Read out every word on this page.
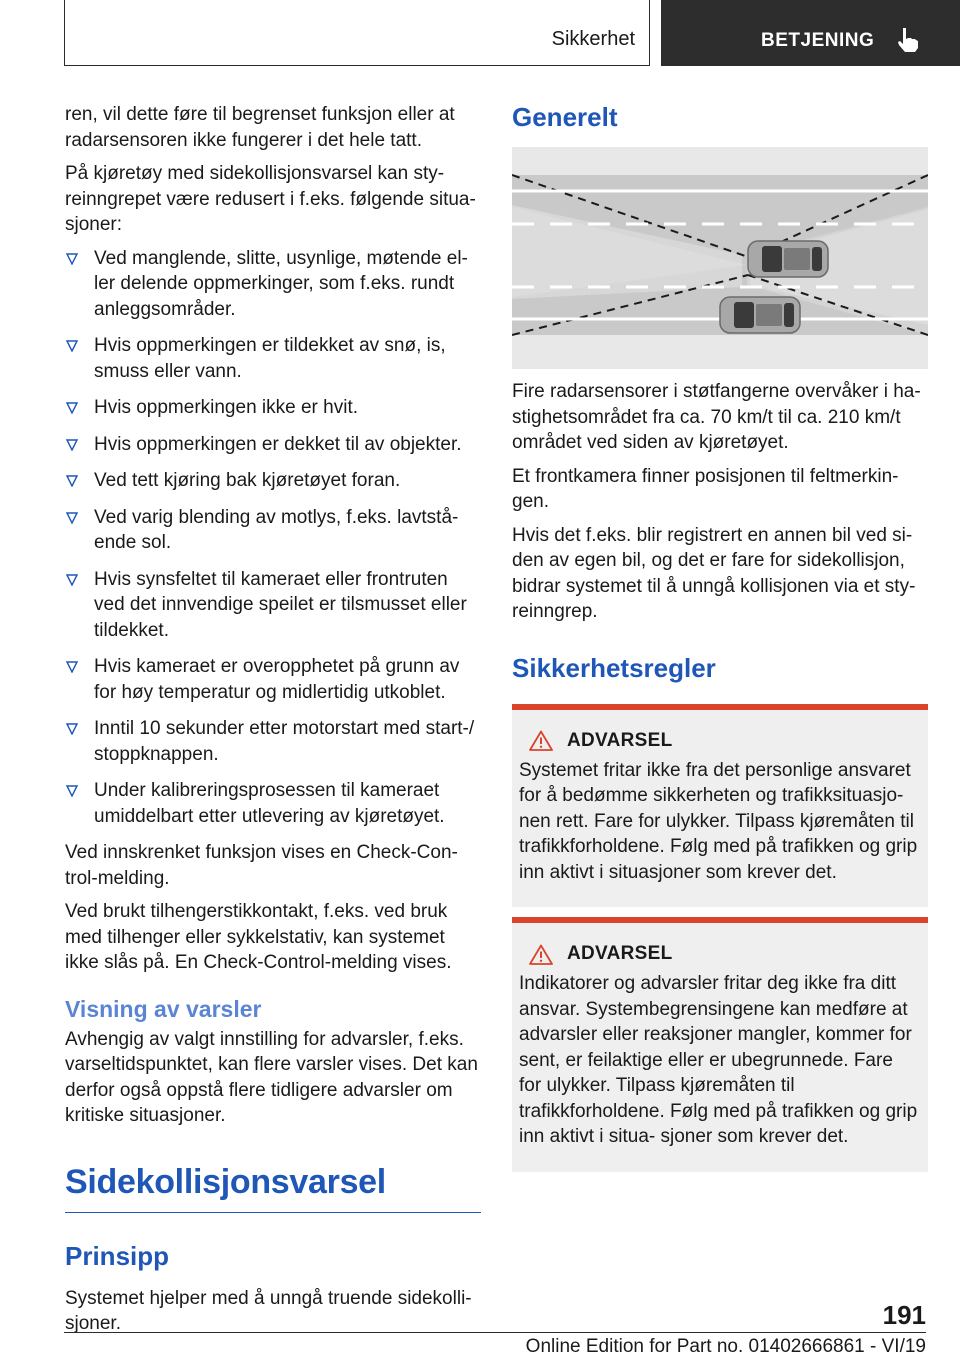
Sikkerhet	BETJENING

ren, vil dette føre til begrenset funksjon eller at radarsensoren ikke fungerer i det hele tatt.

På kjøretøy med sidekollisjonsvarsel kan sty‐ reinngrepet være redusert i f.eks. følgende situa‐ sjoner:

Ved manglende, slitte, usynlige, møtende el‐ ler delende oppmerkinger, som f.eks. rundt anleggsområder.
Hvis oppmerkingen er tildekket av snø, is, smuss eller vann.
Hvis oppmerkingen ikke er hvit.
Hvis oppmerkingen er dekket til av objekter.
Ved tett kjøring bak kjøretøyet foran.
Ved varig blending av motlys, f.eks. lavtstå‐ ende sol.
Hvis synsfeltet til kameraet eller frontruten ved det innvendige speilet er tilsmusset eller tildekket.
Hvis kameraet er overopphetet på grunn av for høy temperatur og midlertidig utkoblet.
Inntil 10 sekunder etter motorstart med start-/ stoppknappen.
Under kalibreringsprosessen til kameraet umiddelbart etter utlevering av kjøretøyet.

Ved innskrenket funksjon vises en Check-Con‐ trol-melding.

Ved brukt tilhengerstikkontakt, f.eks. ved bruk med tilhenger eller sykkelstativ, kan systemet ikke slås på. En Check-Control-melding vises.

Visning av varsler

Avhengig av valgt innstilling for advarsler, f.eks. varseltidspunktet, kan flere varsler vises. Det kan derfor også oppstå flere tidligere advarsler om kritiske situasjoner.

Sidekollisjonsvarsel
Prinsipp

Systemet hjelper med å unngå truende sidekolli‐ sjoner.

Generelt

Fire radarsensorer i støtfangerne overvåker i ha‐ stighetsområdet fra ca. 70 km/t til ca. 210 km/t området ved siden av kjøretøyet.

Et frontkamera finner posisjonen til feltmerkin‐ gen.

Hvis det f.eks. blir registrert en annen bil ved si‐ den av egen bil, og det er fare for sidekollisjon, bidrar systemet til å unngå kollisjonen via et sty‐ reinngrep.

Sikkerhetsregler
ADVARSEL

Systemet fritar ikke fra det personlige ansvaret for å bedømme sikkerheten og trafikksituasjo‐ nen rett. Fare for ulykker. Tilpass kjøremåten til trafikkforholdene. Følg med på trafikken og grip inn aktivt i situasjoner som krever det.

ADVARSEL

Indikatorer og advarsler fritar deg ikke fra ditt ansvar. Systembegrensingene kan medføre at advarsler eller reaksjoner mangler, kommer for sent, er feilaktige eller er ubegrunnede. Fare for ulykker. Tilpass kjøremåten til trafikkforholdene. Følg med på trafikken og grip inn aktivt i situa‐ sjoner som krever det.

191
Online Edition for Part no. 01402666861 - VI/19
